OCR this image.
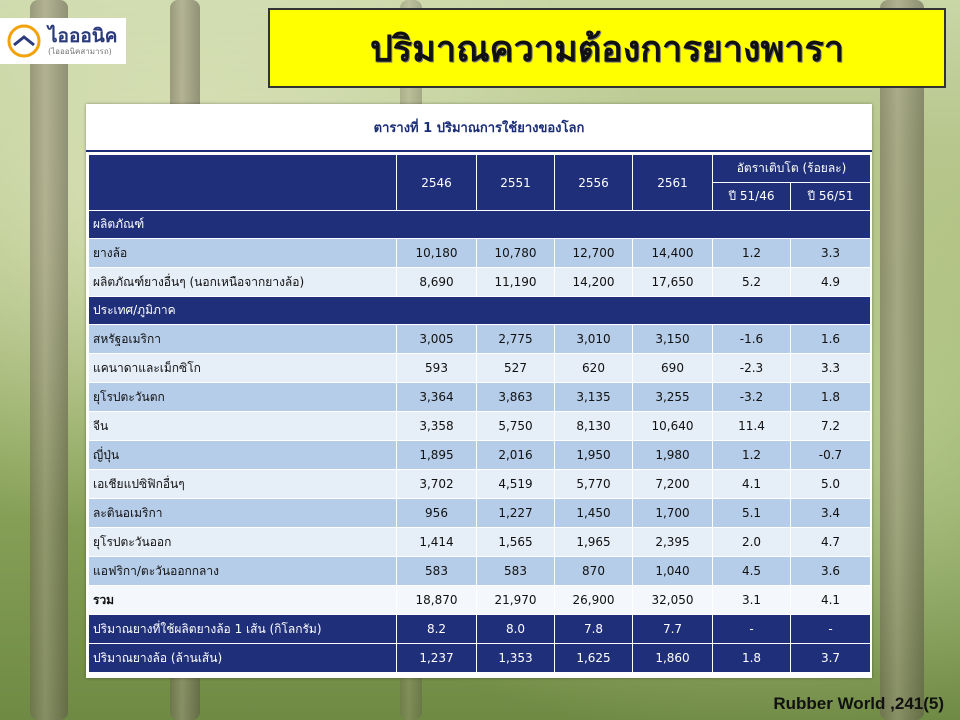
ไอออนิค
(ไอออนิคสามารถ)	ปริมาณความต้องการยางพารา
ตารางที่ 1 ปริมาณการใช้ยางของโลก
	2546	2551	2556	2561	อัตราเติบโต (ร้อยละ)	
					ปี 51/46	ปี 56/51
ผลิตภัณฑ์						
ยางล้อ	10,180	10,780	12,700	14,400	1.2	3.3
ผลิตภัณฑ์ยางอื่นๆ (นอกเหนือจากยางล้อ)	8,690	11,190	14,200	17,650	5.2	4.9
ประเทศ/ภูมิภาค						
สหรัฐอเมริกา	3,005	2,775	3,010	3,150	-1.6	1.6
แคนาดาและเม็กซิโก	593	527	620	690	-2.3	3.3
ยุโรปตะวันตก	3,364	3,863	3,135	3,255	-3.2	1.8
จีน	3,358	5,750	8,130	10,640	11.4	7.2
ญี่ปุ่น	1,895	2,016	1,950	1,980	1.2	-0.7
เอเชียแปซิฟิกอื่นๆ	3,702	4,519	5,770	7,200	4.1	5.0
ละตินอเมริกา	956	1,227	1,450	1,700	5.1	3.4
ยุโรปตะวันออก	1,414	1,565	1,965	2,395	2.0	4.7
แอฟริกา/ตะวันออกกลาง	583	583	870	1,040	4.5	3.6
รวม	18,870	21,970	26,900	32,050	3.1	4.1
ปริมาณยางที่ใช้ผลิตยางล้อ 1 เส้น (กิโลกรัม)	8.2	8.0	7.8	7.7	-	-
ปริมาณยางล้อ (ล้านเส้น)	1,237	1,353	1,625	1,860	1.8	3.7
Rubber World ,241(5)
